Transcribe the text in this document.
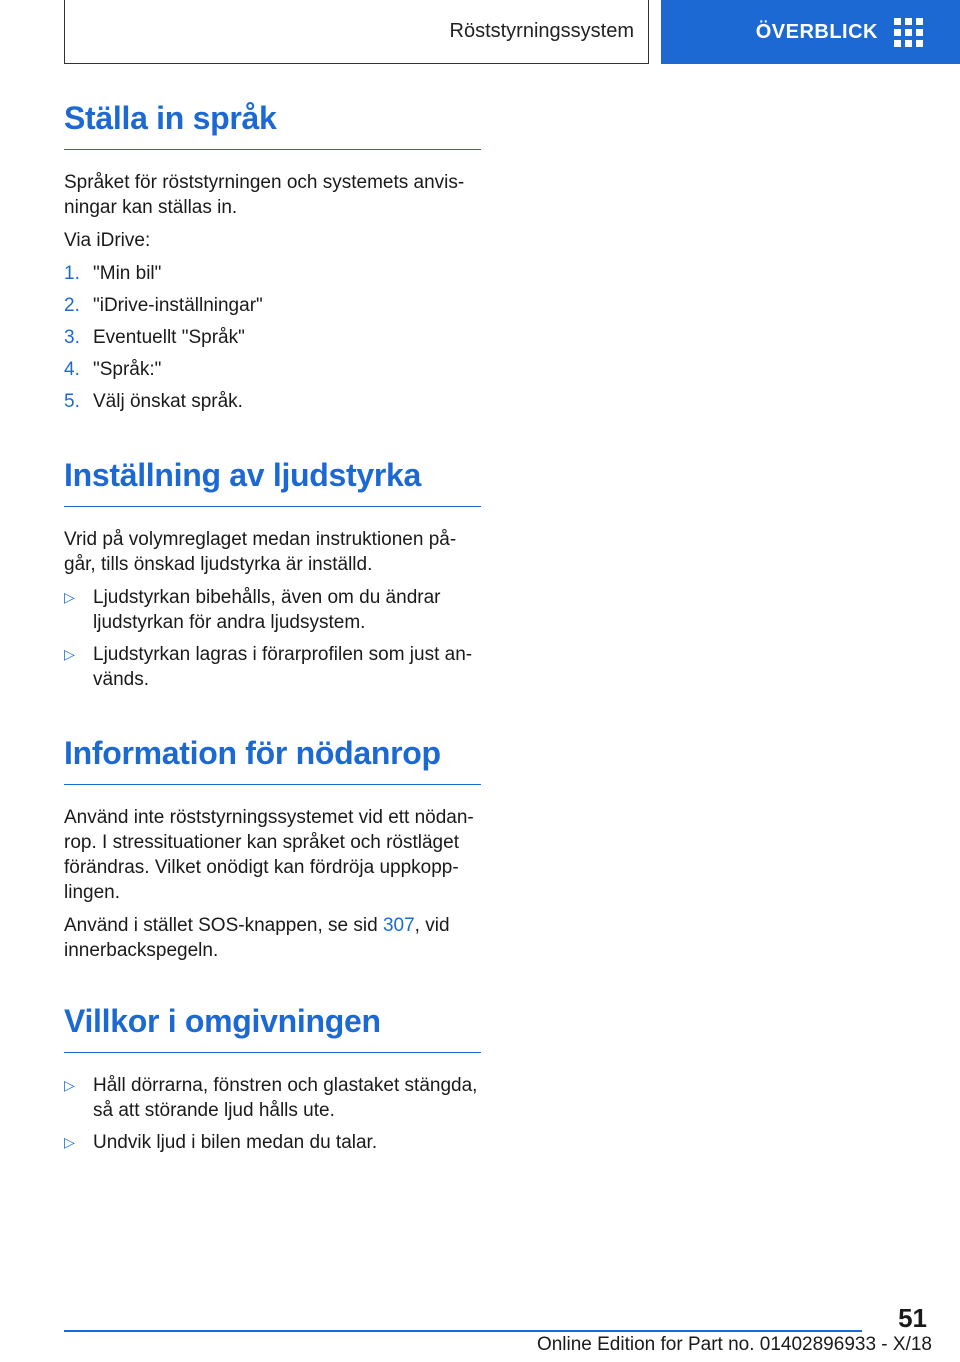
Röststyrningssystem	ÖVERBLICK
Ställa in språk

Språket för röststyrningen och systemets anvis-ningar kan ställas in.

Via iDrive:

1. "Min bil"
2. "iDrive-inställningar"
3. Eventuellt "Språk"
4. "Språk:"
5. Välj önskat språk.
Inställning av ljudstyrka

Vrid på volymreglaget medan instruktionen på-går, tills önskad ljudstyrka är inställd.

▷ Ljudstyrkan bibehålls, även om du ändrar ljudstyrkan för andra ljudsystem.
▷ Ljudstyrkan lagras i förarprofilen som just an-vänds.
Information för nödanrop

Använd inte röststyrningssystemet vid ett nödan-rop. I stressituationer kan språket och röstläget förändras. Vilket onödigt kan fördröja uppkopp-lingen.

Använd i stället SOS-knappen, se sid 307, vid innerbackspegeln.

Villkor i omgivningen
▷ Håll dörrarna, fönstren och glastaket stängda, så att störande ljud hålls ute.
▷ Undvik ljud i bilen medan du talar.
51
Online Edition for Part no. 01402896933 - X/18
